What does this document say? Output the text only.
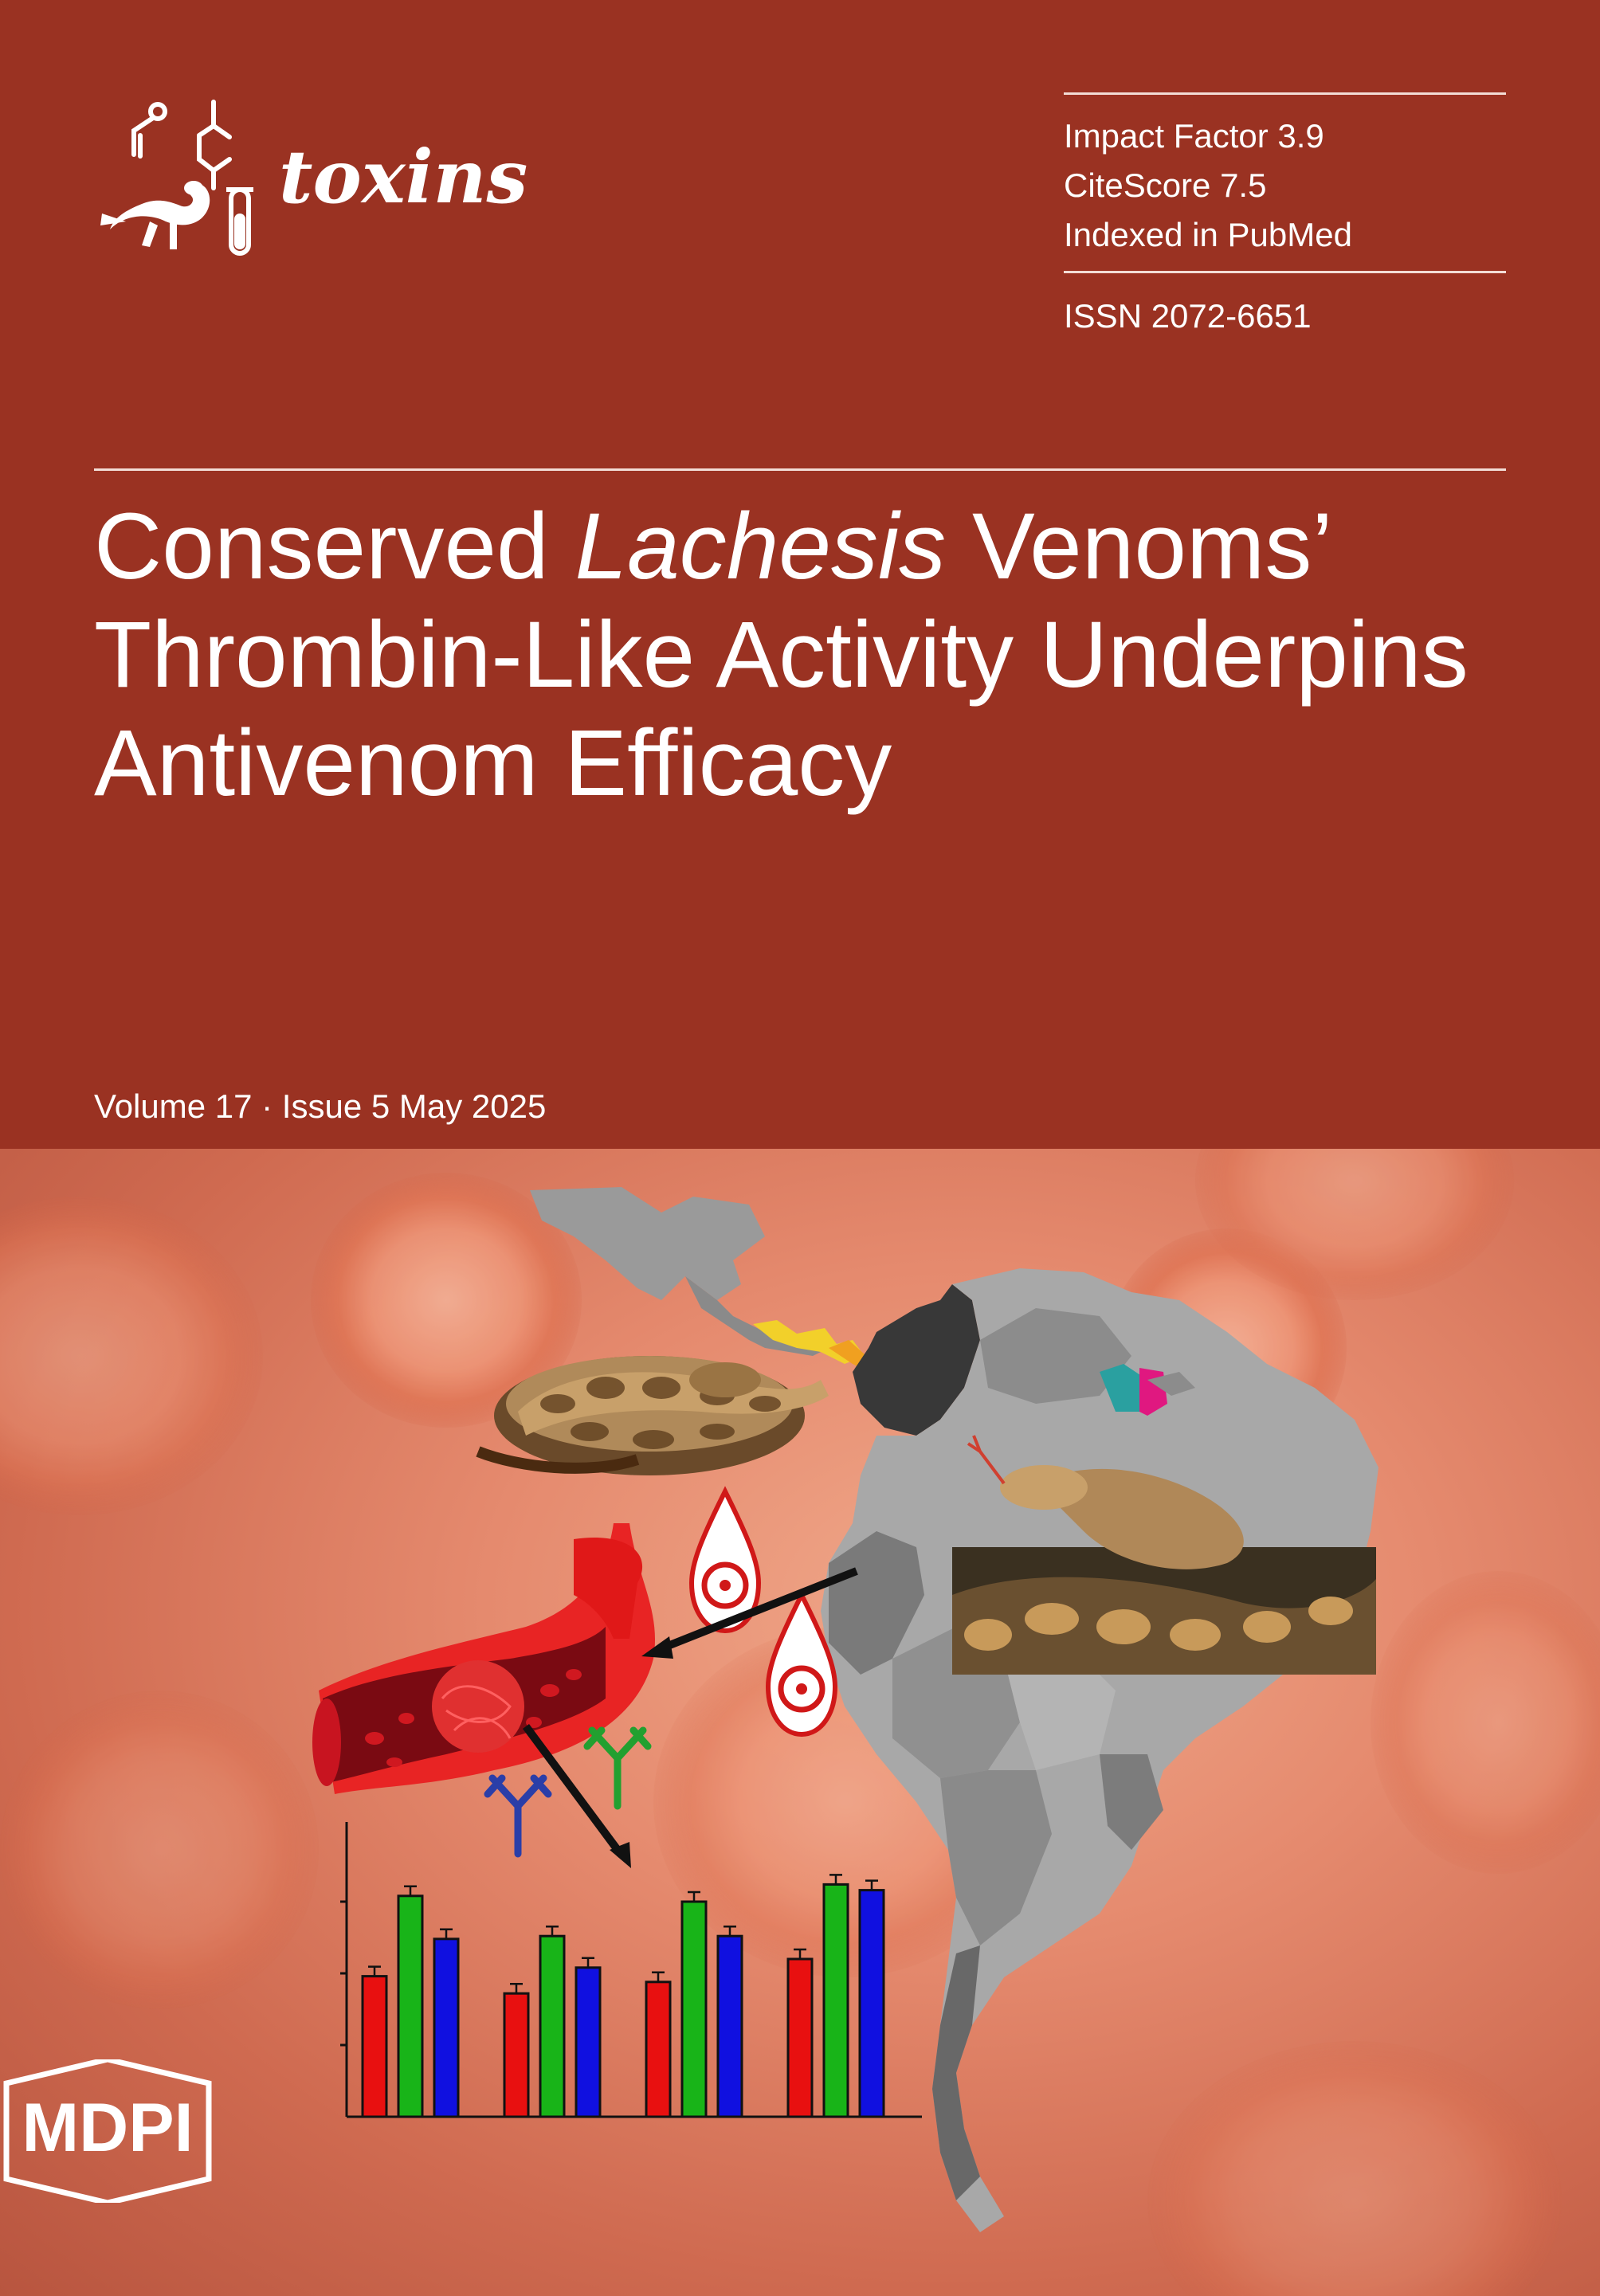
toxins	Impact Factor 3.9
CiteScore 7.5
Indexed in PubMed
ISSN 2072-6651
Conserved Lachesis Venoms’
Thrombin-Like Activity Underpins
Antivenom Efficacy
Volume 17 · Issue 5 May 2025
MDPI
